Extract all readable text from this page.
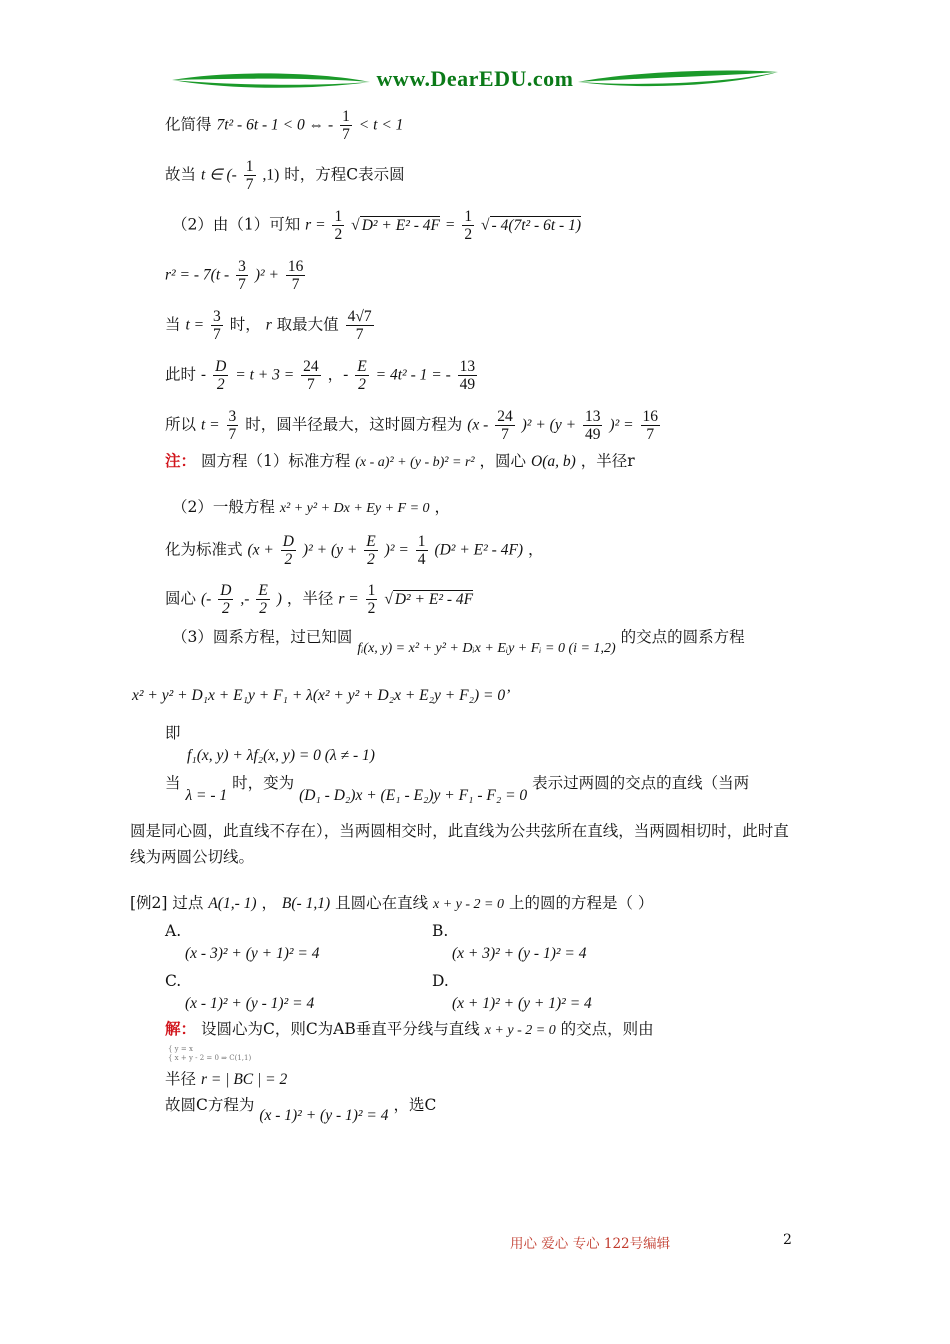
www.DearEDU.com
化简得 7t² - 6t - 1 < 0 ⇔ - $\frac{1}{7} < t < 1$
故当 t ∈ (- $\frac{1}{7} ,1$) 时，方程C表示圆
（2）由（1）可知 $r = \frac{1}{2}$ √ $D^2 + E^2 - 4F = \frac{1}{2}$ √ - 4(7t² - 6t - 1)
r² = - $7(t - \frac{3}{7} )^2 + \frac{16}{7}$
当 $t = \frac{3}{7}$ 时， r 取最大值 $\frac{4√7}{7}$
此时 - $\frac{D}{2} = t + 3 = \frac{24}{7}$ ，- $\frac{E}{2} = 4t^2 - 1$ = - $\frac{13}{49}$
所以 $t = \frac{3}{7}$ 时，圆半径最大，这时圆方程为 $(x - \frac{24}{7} )^2 + (y + \frac{13}{49} )^2 = \frac{16}{7}$
注： 圆方程（1）标准方程 (x - a)² + (y - b)² = r² ，圆心 O(a, b) ，半径r
（2）一般方程 x² + y² + Dx + Ey + F = 0 ，
化为标准式 $(x + \frac{D}{2} )^2 + (y + \frac{E}{2} )^2 = \frac{1}{4} (D^2 + E^2 - 4F)$ ，
圆心 (- $\frac{D}{2}$ ,- $\frac{E}{2}$ ) ，半径 $r = \frac{1}{2}$ √ D² + E² - 4F
（3）圆系方程，过已知圆 fᵢ(x, y) = x² + y² + Dᵢx + Eᵢy + Fᵢ = 0 (i = 1,2) 的交点的圆系方程
x² + y² + D₁x + E₁y + F₁ + λ(x² + y² + D₂x + E₂y + F₂) = 0’
即
f₁(x, y) + λf₂(x, y) = 0 (λ ≠ - 1)
当 λ = - 1 时，变为 (D₁ - D₂)x + (E₁ - E₂)y + F₁ - F₂ = 0 表示过两圆的交点的直线（当两
圆是同心圆，此直线不存在），当两圆相交时，此直线为公共弦所在直线，当两圆相切时，此时直
线为两圆公切线。
[例2] 过点 A(1,- 1) ， B(- 1,1) 且圆心在直线 x + y - 2 = 0 上的圆的方程是（ ）
A.
(x - 3)² + (y + 1)² = 4
B.
(x + 3)² + (y - 1)² = 4
C.
(x - 1)² + (y - 1)² = 4
D.
(x + 1)² + (y + 1)² = 4
解： 设圆心为C，则C为AB垂直平分线与直线 x + y - 2 = 0 的交点，则由
{ y = x
{ x + y - 2 = 0 ⇒ C(1,1)
半径 r = | BC | = 2
故圆C方程为 (x - 1)² + (y - 1)² = 4 ，选C
用心 爱心 专心 122号编辑	2
